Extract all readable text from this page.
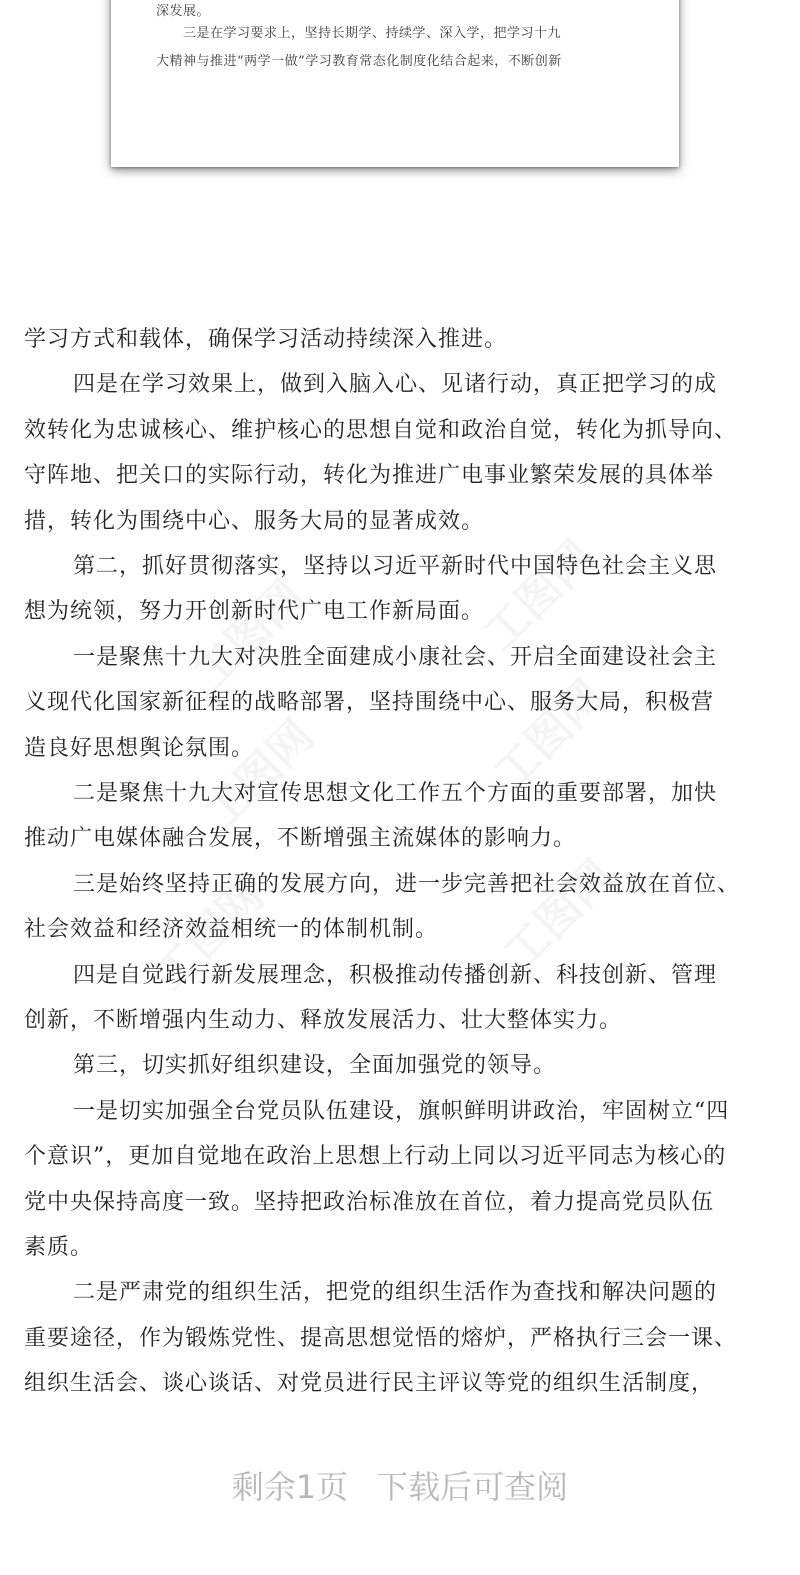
深发展。
　　三是在学习要求上，坚持长期学、持续学、深入学，把学习十九
大精神与推进“两学一做”学习教育常态化制度化结合起来，不断创新
学习方式和载体，确保学习活动持续深入推进。
四是在学习效果上，做到入脑入心、见诸行动，真正把学习的成
效转化为忠诚核心、维护核心的思想自觉和政治自觉，转化为抓导向、
守阵地、把关口的实际行动，转化为推进广电事业繁荣发展的具体举
措，转化为围绕中心、服务大局的显著成效。
第二，抓好贯彻落实，坚持以习近平新时代中国特色社会主义思
想为统领，努力开创新时代广电工作新局面。
一是聚焦十九大对决胜全面建成小康社会、开启全面建设社会主
义现代化国家新征程的战略部署，坚持围绕中心、服务大局，积极营
造良好思想舆论氛围。
二是聚焦十九大对宣传思想文化工作五个方面的重要部署，加快
推动广电媒体融合发展，不断增强主流媒体的影响力。
三是始终坚持正确的发展方向，进一步完善把社会效益放在首位、
社会效益和经济效益相统一的体制机制。
四是自觉践行新发展理念，积极推动传播创新、科技创新、管理
创新，不断增强内生动力、释放发展活力、壮大整体实力。
第三，切实抓好组织建设，全面加强党的领导。
一是切实加强全台党员队伍建设，旗帜鲜明讲政治，牢固树立“四
个意识”，更加自觉地在政治上思想上行动上同以习近平同志为核心的
党中央保持高度一致。坚持把政治标准放在首位，着力提高党员队伍
素质。
二是严肃党的组织生活，把党的组织生活作为查找和解决问题的
重要途径，作为锻炼党性、提高思想觉悟的熔炉，严格执行三会一课、
组织生活会、谈心谈话、对党员进行民主评议等党的组织生活制度，
剩余1页 下载后可查阅
